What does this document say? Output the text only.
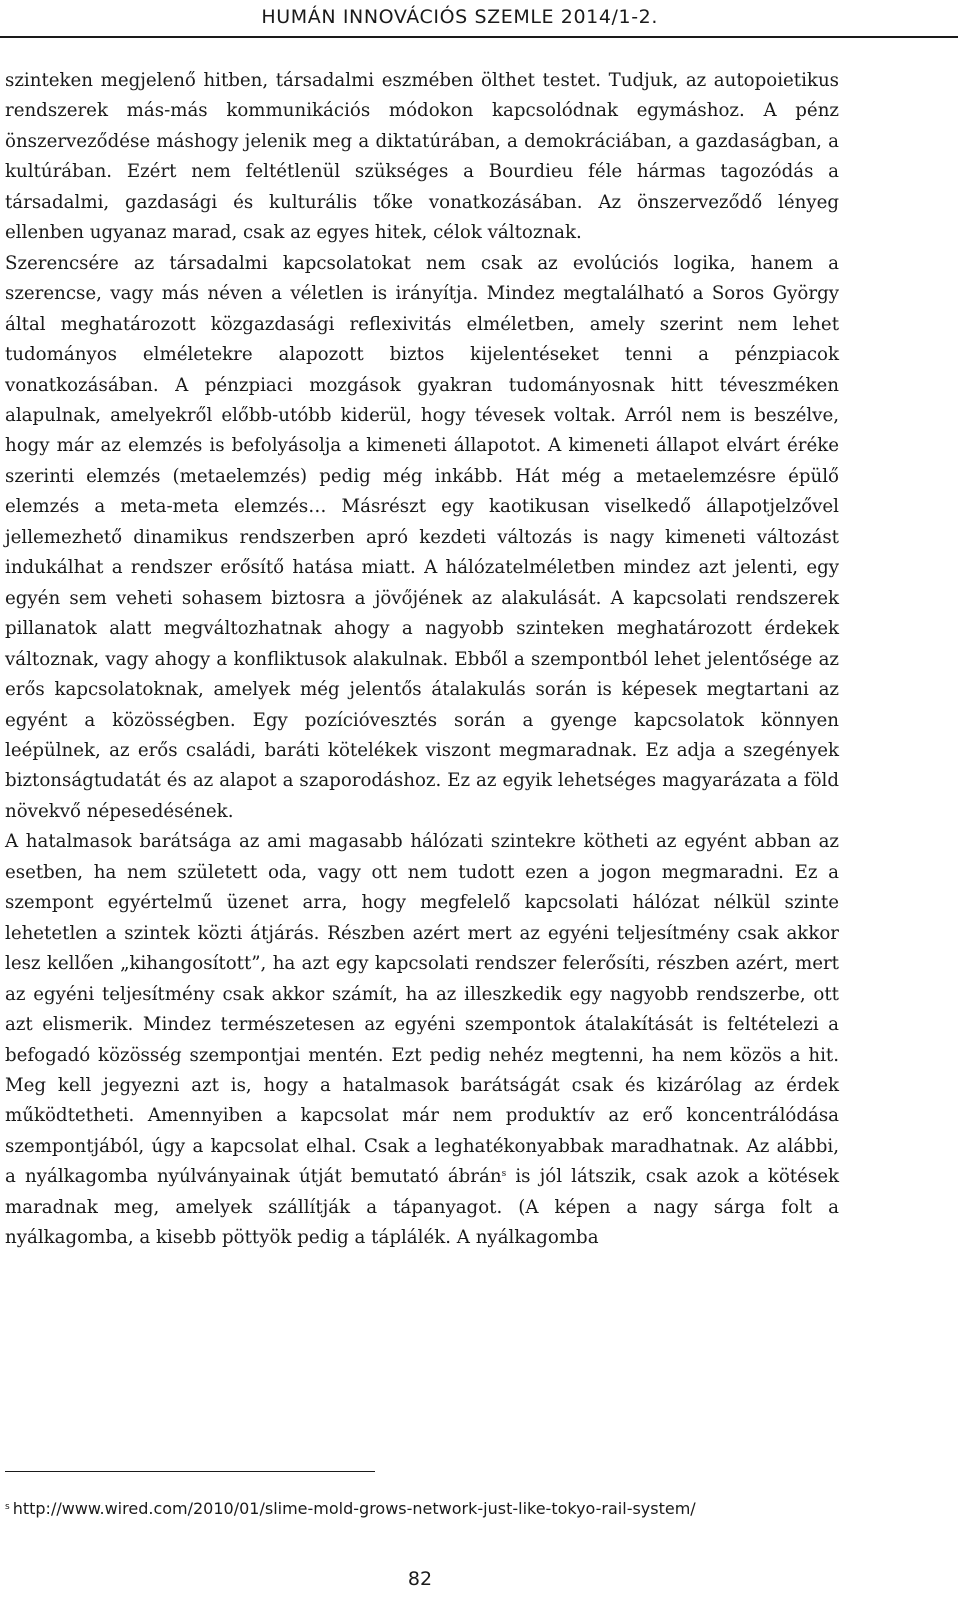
HUMÁN INNOVÁCIÓS SZEMLE 2014/1-2.

szinteken megjelenő hitben, társadalmi eszmében ölthet testet. Tudjuk, az autopoietikus rendszerek más-más kommunikációs módokon kapcsolódnak egymáshoz. A pénz önszerveződése máshogy jelenik meg a diktatúrában, a demokráciában, a gazdaságban, a kultúrában. Ezért nem feltétlenül szükséges a Bourdieu féle hármas tagozódás a társadalmi, gazdasági és kulturális tőke vonatkozásában. Az önszerveződő lényeg ellenben ugyanaz marad, csak az egyes hitek, célok változnak.

Szerencsére az társadalmi kapcsolatokat nem csak az evolúciós logika, hanem a szerencse, vagy más néven a véletlen is irányítja. Mindez megtalálható a Soros György által meghatározott közgazdasági reflexivitás elméletben, amely szerint nem lehet tudományos elméletekre alapozott biztos kijelentéseket tenni a pénzpiacok vonatkozásában. A pénzpiaci mozgások gyakran tudományosnak hitt téveszméken alapulnak, amelyekről előbb-utóbb kiderül, hogy tévesek voltak. Arról nem is beszélve, hogy már az elemzés is befolyásolja a kimeneti állapotot. A kimeneti állapot elvárt éréke szerinti elemzés (metaelemzés) pedig még inkább. Hát még a metaelemzésre épülő elemzés a meta-meta elemzés… Másrészt egy kaotikusan viselkedő állapotjelzővel jellemezhető dinamikus rendszerben apró kezdeti változás is nagy kimeneti változást indukálhat a rendszer erősítő hatása miatt. A hálózatelméletben mindez azt jelenti, egy egyén sem veheti sohasem biztosra a jövőjének az alakulását. A kapcsolati rendszerek pillanatok alatt megváltozhatnak ahogy a nagyobb szinteken meghatározott érdekek változnak, vagy ahogy a konfliktusok alakulnak. Ebből a szempontból lehet jelentősége az erős kapcsolatoknak, amelyek még jelentős átalakulás során is képesek megtartani az egyént a közösségben. Egy pozícióvesztés során a gyenge kapcsolatok könnyen leépülnek, az erős családi, baráti kötelékek viszont megmaradnak. Ez adja a szegények biztonságtudatát és az alapot a szaporodáshoz. Ez az egyik lehetséges magyarázata a föld növekvő népesedésének.

A hatalmasok barátsága az ami magasabb hálózati szintekre kötheti az egyént abban az esetben, ha nem született oda, vagy ott nem tudott ezen a jogon megmaradni. Ez a szempont egyértelmű üzenet arra, hogy megfelelő kapcsolati hálózat nélkül szinte lehetetlen a szintek közti átjárás. Részben azért mert az egyéni teljesítmény csak akkor lesz kellően „kihangosított”, ha azt egy kapcsolati rendszer felerősíti, részben azért, mert az egyéni teljesítmény csak akkor számít, ha az illeszkedik egy nagyobb rendszerbe, ott azt elismerik. Mindez természetesen az egyéni szempontok átalakítását is feltételezi a befogadó közösség szempontjai mentén. Ezt pedig nehéz megtenni, ha nem közös a hit. Meg kell jegyezni azt is, hogy a hatalmasok barátságát csak és kizárólag az érdek működtetheti. Amennyiben a kapcsolat már nem produktív az erő koncentrálódása szempontjából, úgy a kapcsolat elhal. Csak a leghatékonyabbak maradhatnak. Az alábbi, a nyálkagomba nyúlványainak útját bemutató ábrán$^s$ is jól látszik, csak azok a kötések maradnak meg, amelyek szállítják a tápanyagot. (A képen a nagy sárga folt a nyálkagomba, a kisebb pöttyök pedig a táplálék. A nyálkagomba

$^s$ http://www.wired.com/2010/01/slime-mold-grows-network-just-like-tokyo-rail-system/
82
